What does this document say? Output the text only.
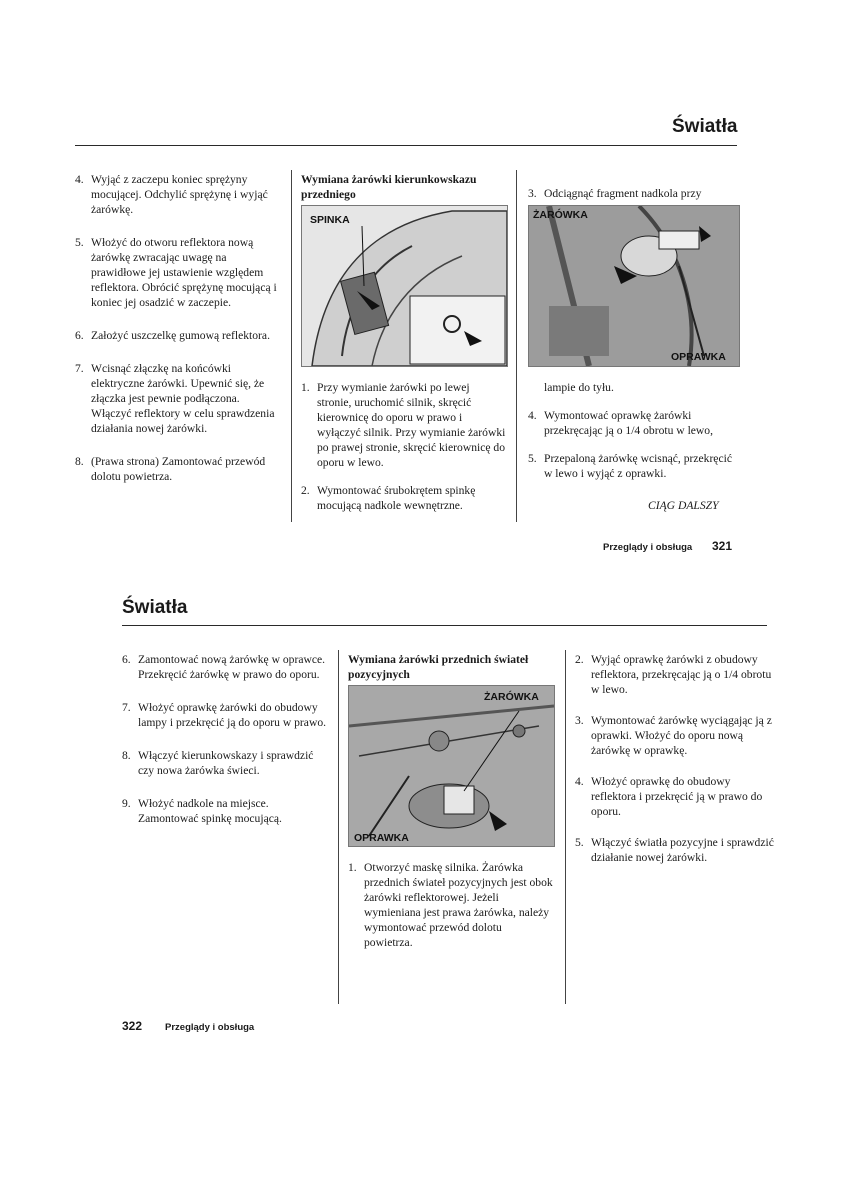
Światła
4. Wyjąć z zaczepu koniec sprężyny mocującej. Odchylić sprężynę i wyjąć żarówkę.
5. Włożyć do otworu reflektora nową żarówkę zwracając uwagę na prawidłowe jej ustawienie względem reflektora. Obrócić sprężynę mocującą i koniec jej osadzić w zaczepie.
6. Założyć uszczelkę gumową reflektora.
7. Wcisnąć złączkę na końcówki elektryczne żarówki. Upewnić się, że złączka jest pewnie podłączona. Włączyć reflektory w celu sprawdzenia działania nowej żarówki.
8. (Prawa strona) Zamontować przewód dolotu powietrza.
Wymiana żarówki kierunkowskazu przedniego
SPINKA
1. Przy wymianie żarówki po lewej stronie, uruchomić silnik, skręcić kierownicę do oporu w prawo i wyłączyć silnik. Przy wymianie żarówki po prawej stronie, skręcić kierownicę do oporu w lewo.
2. Wymontować śrubokrętem spinkę mocującą nadkole wewnętrzne.
3. Odciągnąć fragment nadkola przy
ŻARÓWKA
OPRAWKA
lampie do tyłu.
4. Wymontować oprawkę żarówki przekręcając ją o 1/4 obrotu w lewo,
5. Przepaloną żarówkę wcisnąć, przekręcić w lewo i wyjąć z oprawki.
CIĄG DALSZY
Przeglądy i obsługa 321
Światła
6. Zamontować nową żarówkę w oprawce. Przekręcić żarówkę w prawo do oporu.
7. Włożyć oprawkę żarówki do obudowy lampy i przekręcić ją do oporu w prawo.
8. Włączyć kierunkowskazy i sprawdzić czy nowa żarówka świeci.
9. Włożyć nadkole na miejsce. Zamontować spinkę mocującą.
Wymiana żarówki przednich świateł pozycyjnych
ŻARÓWKA
OPRAWKA
1. Otworzyć maskę silnika. Żarówka przednich świateł pozycyjnych jest obok żarówki reflektorowej. Jeżeli wymieniana jest prawa żarówka, należy wymontować przewód dolotu powietrza.
2. Wyjąć oprawkę żarówki z obudowy reflektora, przekręcając ją o 1/4 obrotu w lewo.
3. Wymontować żarówkę wyciągając ją z oprawki. Włożyć do oporu nową żarówkę w oprawkę.
4. Włożyć oprawkę do obudowy reflektora i przekręcić ją w prawo do oporu.
5. Włączyć światła pozycyjne i sprawdzić działanie nowej żarówki.
322 Przeglądy i obsługa
